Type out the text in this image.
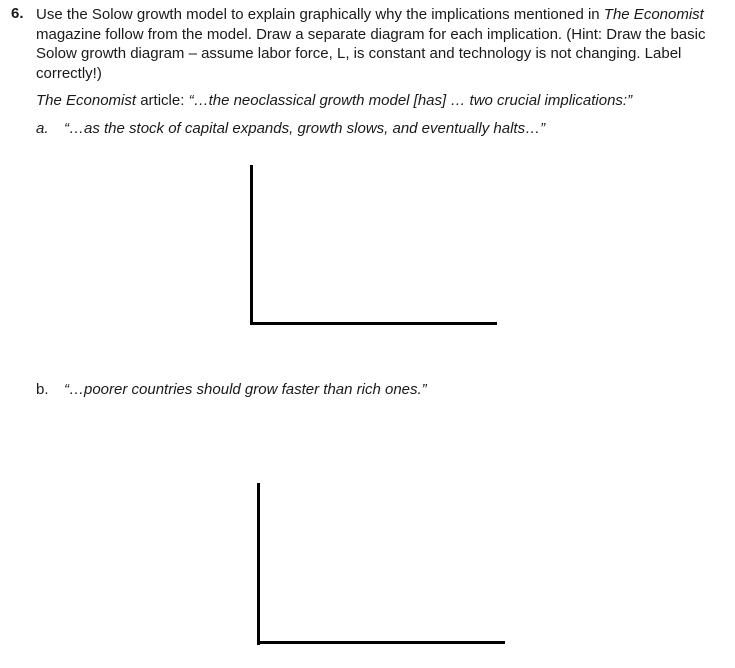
6. Use the Solow growth model to explain graphically why the implications mentioned in The Economist magazine follow from the model. Draw a separate diagram for each implication. (Hint: Draw the basic Solow growth diagram – assume labor force, L, is constant and technology is not changing. Label correctly!)
The Economist article: “…the neoclassical growth model [has] … two crucial implications:”
a. “…as the stock of capital expands, growth slows, and eventually halts…”
b. “…poorer countries should grow faster than rich ones.”
